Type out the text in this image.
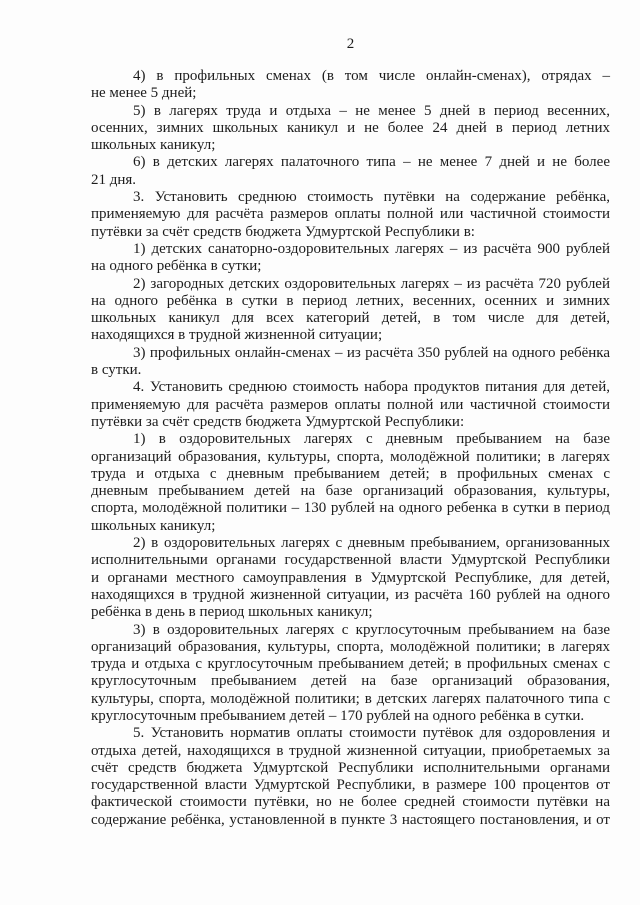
2
4) в профильных сменах (в том числе онлайн-сменах), отрядах –
не менее 5 дней;
5) в лагерях труда и отдыха – не менее 5 дней в период весенних,
осенних, зимних школьных каникул и не более 24 дней в период летних
школьных каникул;
6) в детских лагерях палаточного типа – не менее 7 дней и не более
21 дня.
3. Установить среднюю стоимость путёвки на содержание ребёнка,
применяемую для расчёта размеров оплаты полной или частичной стоимости
путёвки за счёт средств бюджета Удмуртской Республики в:
1) детских санаторно-оздоровительных лагерях – из расчёта 900 рублей
на одного ребёнка в сутки;
2) загородных детских оздоровительных лагерях – из расчёта 720 рублей
на одного ребёнка в сутки в период летних, весенних, осенних и зимних
школьных каникул для всех категорий детей, в том числе для детей,
находящихся в трудной жизненной ситуации;
3) профильных онлайн-сменах – из расчёта 350 рублей на одного ребёнка
в сутки.
4. Установить среднюю стоимость набора продуктов питания для детей,
применяемую для расчёта размеров оплаты полной или частичной стоимости
путёвки за счёт средств бюджета Удмуртской Республики:
1) в оздоровительных лагерях с дневным пребыванием на базе
организаций образования, культуры, спорта, молодёжной политики; в лагерях
труда и отдыха с дневным пребыванием детей; в профильных сменах с
дневным пребыванием детей на базе организаций образования, культуры,
спорта, молодёжной политики – 130 рублей на одного ребенка в сутки в период
школьных каникул;
2) в оздоровительных лагерях с дневным пребыванием, организованных
исполнительными органами государственной власти Удмуртской Республики
и органами местного самоуправления в Удмуртской Республике, для детей,
находящихся в трудной жизненной ситуации, из расчёта 160 рублей на одного
ребёнка в день в период школьных каникул;
3) в оздоровительных лагерях с круглосуточным пребыванием на базе
организаций образования, культуры, спорта, молодёжной политики; в лагерях
труда и отдыха с круглосуточным пребыванием детей; в профильных сменах с
круглосуточным пребыванием детей на базе организаций образования,
культуры, спорта, молодёжной политики; в детских лагерях палаточного типа с
круглосуточным пребыванием детей – 170 рублей на одного ребёнка в сутки.
5. Установить норматив оплаты стоимости путёвок для оздоровления и
отдыха детей, находящихся в трудной жизненной ситуации, приобретаемых за
счёт средств бюджета Удмуртской Республики исполнительными органами
государственной власти Удмуртской Республики, в размере 100 процентов от
фактической стоимости путёвки, но не более средней стоимости путёвки на
содержание ребёнка, установленной в пункте 3 настоящего постановления, и от
